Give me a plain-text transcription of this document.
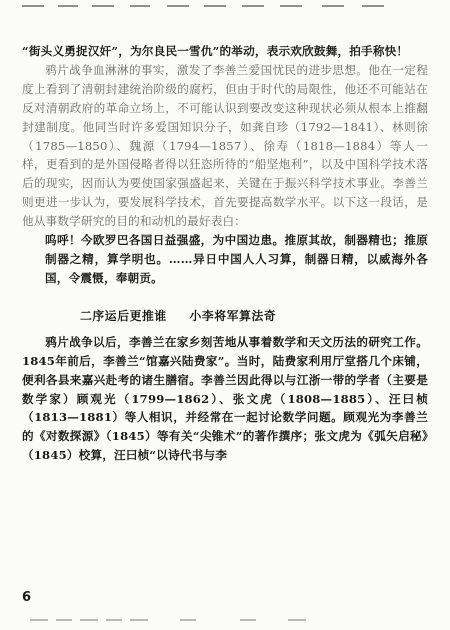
“街头义勇捉汉奸”，为尔良民一雪仇”的举动，表示欢欣鼓舞，拍手称快！

鸦片战争血淋淋的事实，激发了李善兰爱国忧民的进步思想。他在一定程度上看到了清朝封建统治阶级的腐朽，但由于时代的局限性，他还不可能站在反对清朝政府的革命立场上，不可能认识到要改变这种现状必须从根本上推翻封建制度。他同当时许多爱国知识分子，如龚自珍（1792—1841）、林则徐（1785—1850）、魏源（1794—1857）、徐寿（1818—1884）等人一样，更看到的是外国侵略者得以狂恣所待的“船坚炮利”，以及中国科学技术落后的现实，因而认为要使国家强盛起来，关键在于振兴科学技术事业。李善兰则更进一步认为，要发展科学技术，首先要提高数学水平。以下这一段话，是他从事数学研究的目的和动机的最好表白：

呜呼！今欧罗巴各国日益强盛，为中国边患。推原其故，制器精也；推原制器之精，算学明也。……异日中国人人习算，制器日精，以威海外各国，令震慑，奉朝贡。

二序运后更推谁 小李将军算法奇

鸦片战争以后，李善兰在家乡刻苦地从事着数学和天文历法的研究工作。1845年前后，李善兰“馆嘉兴陆费家”。当时，陆费家利用厅堂搭几个床铺，便利各县来嘉兴赴考的诸生膳宿。李善兰因此得以与江浙一带的学者（主要是数学家）顾观光（1799—1862）、张文虎（1808—1885）、汪曰桢（1813—1881）等人相识，并经常在一起讨论数学问题。顾观光为李善兰的《对数探源》（1845）等有关“尖锥术”的著作撰序；张文虎为《弧矢启秘》（1845）校算，汪曰桢“以诗代书与李

6
